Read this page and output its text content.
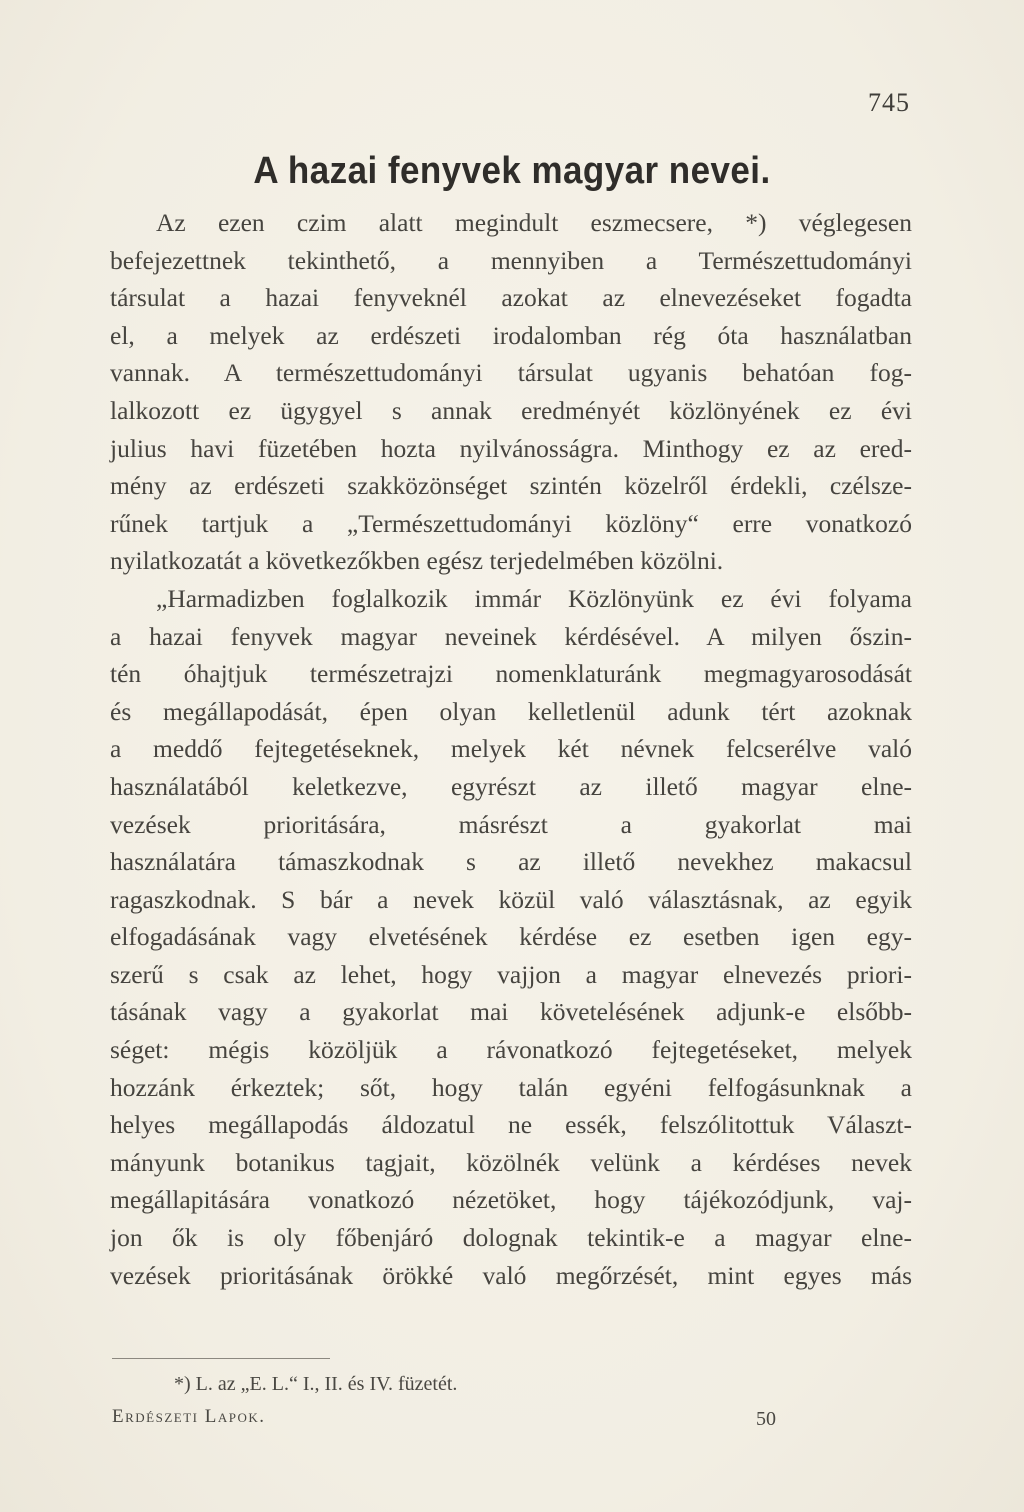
745
A hazai fenyvek magyar nevei.
Az ezen czim alatt megindult eszmecsere, *) véglegesen
befejezettnek tekinthető, a mennyiben a Természettudományi
társulat a hazai fenyveknél azokat az elnevezéseket fogadta
el, a melyek az erdészeti irodalomban rég óta használatban
vannak. A természettudományi társulat ugyanis behatóan fog-
lalkozott ez ügygyel s annak eredményét közlönyének ez évi
julius havi füzetében hozta nyilvánosságra. Minthogy ez az ered-
mény az erdészeti szakközönséget szintén közelről érdekli, czélsze-
rűnek tartjuk a „Természettudományi közlöny“ erre vonatkozó
nyilatkozatát a következőkben egész terjedelmében közölni.
„Harmadizben foglalkozik immár Közlönyünk ez évi folyama
a hazai fenyvek magyar neveinek kérdésével. A milyen őszin-
tén óhajtjuk természetrajzi nomenklaturánk megmagyarosodását
és megállapodását, épen olyan kelletlenül adunk tért azoknak
a meddő fejtegetéseknek, melyek két névnek felcserélve való
használatából keletkezve, egyrészt az illető magyar elne-
vezések prioritására, másrészt a gyakorlat mai
használatára támaszkodnak s az illető nevekhez makacsul
ragaszkodnak. S bár a nevek közül való választásnak, az egyik
elfogadásának vagy elvetésének kérdése ez esetben igen egy-
szerű s csak az lehet, hogy vajjon a magyar elnevezés priori-
tásának vagy a gyakorlat mai követelésének adjunk-e elsőbb-
séget: mégis közöljük a rávonatkozó fejtegetéseket, melyek
hozzánk érkeztek; sőt, hogy talán egyéni felfogásunknak a
helyes megállapodás áldozatul ne essék, felszólitottuk Választ-
mányunk botanikus tagjait, közölnék velünk a kérdéses nevek
megállapitására vonatkozó nézetöket, hogy tájékozódjunk, vaj-
jon ők is oly főbenjáró dolognak tekintik-e a magyar elne-
vezések prioritásának örökké való megőrzését, mint egyes más
*) L. az „E. L.“ I., II. és IV. füzetét.
Erdészeti Lapok.	50
